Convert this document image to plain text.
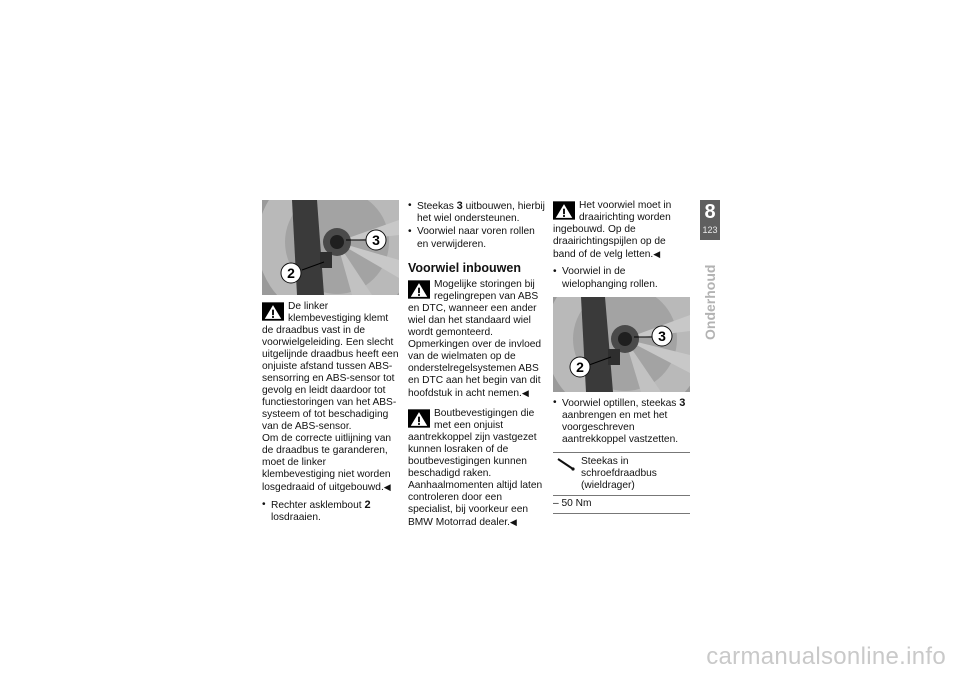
3
2

De linker klembevestiging klemt de draadbus vast in de voorwielgeleiding. Een slecht uitgelijnde draadbus heeft een onjuiste afstand tussen ABS-sensorring en ABS-sensor tot gevolg en leidt daardoor tot functiestoringen van het ABS-systeem of tot beschadiging van de ABS-sensor.

Om de correcte uitlijning van de draadbus te garanderen, moet de linker klembevestiging niet worden losgedraaid of uitgebouwd.◀

• Rechter asklembout 2 losdraaien.
• Steekas 3 uitbouwen, hierbij het wiel ondersteunen.
• Voorwiel naar voren rollen en verwijderen.
Voorwiel inbouwen

Mogelijke storingen bij regelingrepen van ABS en DTC, wanneer een ander wiel dan het standaard wiel wordt gemonteerd.

Opmerkingen over de invloed van de wielmaten op de onderstelregelsystemen ABS en DTC aan het begin van dit hoofdstuk in acht nemen.◀

Boutbevestigingen die met een onjuist aantrekkoppel zijn vastgezet kunnen losraken of de boutbevestigingen kunnen beschadigd raken.

Aanhaalmomenten altijd laten controleren door een specialist, bij voorkeur een BMW Motorrad dealer.◀

Het voorwiel moet in draairichting worden ingebouwd. Op de draairichtingspijlen op de band of de velg letten.◀

• Voorwiel in de wielophanging rollen.
3
2
• Voorwiel optillen, steekas 3 aanbrengen en met het voorgeschreven aantrekkoppel vastzetten.
Steekas in schroefdraadbus (wieldrager)
– 50 Nm
8
123
Onderhoud
carmanualsonline.info
